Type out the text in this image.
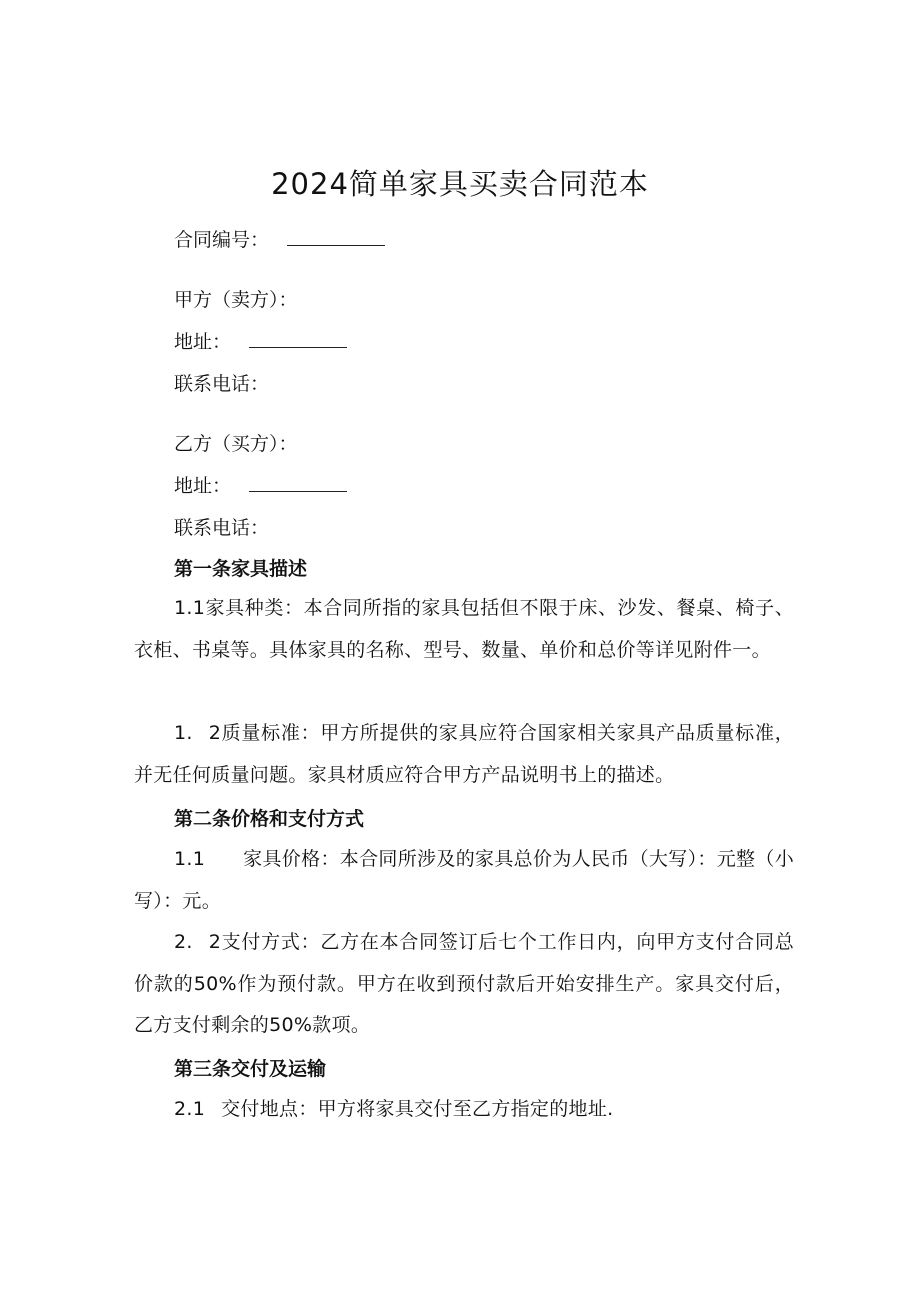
2024简单家具买卖合同范本
合同编号：
甲方（卖方）：
地址：
联系电话：
乙方（买方）：
地址：
联系电话：
第一条家具描述
1.1家具种类：本合同所指的家具包括但不限于床、沙发、餐桌、椅子、衣柜、书桌等。具体家具的名称、型号、数量、单价和总价等详见附件一。
1. 2质量标准：甲方所提供的家具应符合国家相关家具产品质量标准，并无任何质量问题。家具材质应符合甲方产品说明书上的描述。
第二条价格和支付方式
1.1 家具价格：本合同所涉及的家具总价为人民币（大写）：元整（小写）：元。
2. 2支付方式：乙方在本合同签订后七个工作日内，向甲方支付合同总价款的50%作为预付款。甲方在收到预付款后开始安排生产。家具交付后，乙方支付剩余的50%款项。
第三条交付及运输
2.1 交付地点：甲方将家具交付至乙方指定的地址.
